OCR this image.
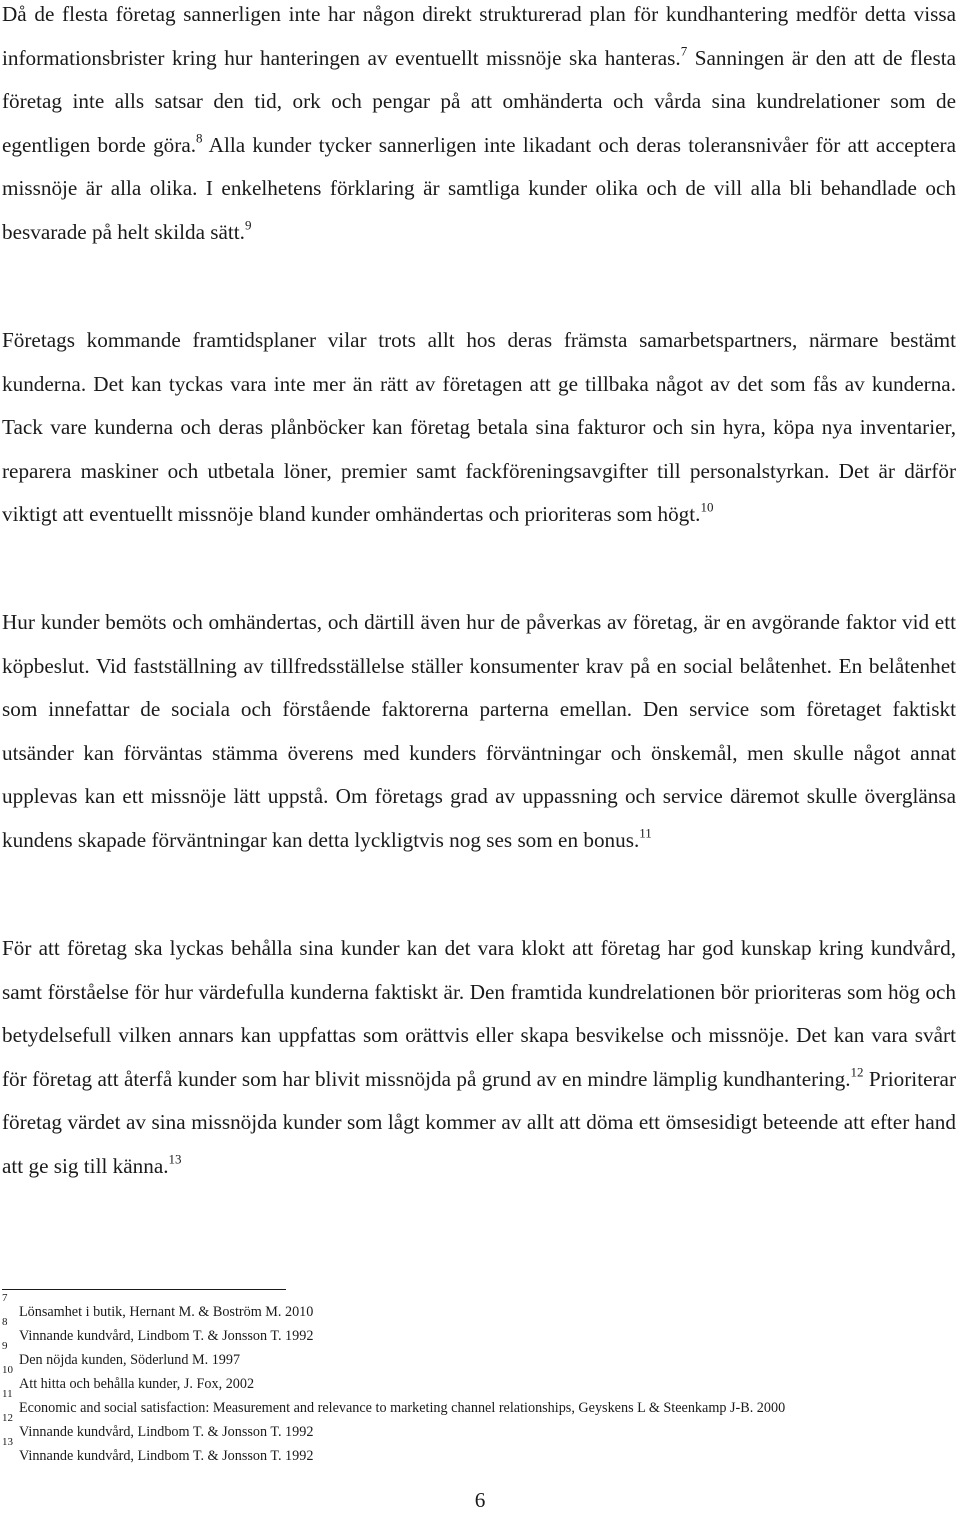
Då de flesta företag sannerligen inte har någon direkt strukturerad plan för kundhantering medför detta vissa informationsbrister kring hur hanteringen av eventuellt missnöje ska hanteras.$^7$ Sanningen är den att de flesta företag inte alls satsar den tid, ork och pengar på att omhänderta och vårda sina kundrelationer som de egentligen borde göra.$^8$ Alla kunder tycker sannerligen inte likadant och deras toleransnivåer för att acceptera missnöje är alla olika. I enkelhetens förklaring är samtliga kunder olika och de vill alla bli behandlade och besvarade på helt skilda sätt.$^9$

Företags kommande framtidsplaner vilar trots allt hos deras främsta samarbetspartners, närmare bestämt kunderna. Det kan tyckas vara inte mer än rätt av företagen att ge tillbaka något av det som fås av kunderna. Tack vare kunderna och deras plånböcker kan företag betala sina fakturor och sin hyra, köpa nya inventarier, reparera maskiner och utbetala löner, premier samt fackföreningsavgifter till personalstyrkan. Det är därför viktigt att eventuellt missnöje bland kunder omhändertas och prioriteras som högt.$^{10}$

Hur kunder bemöts och omhändertas, och därtill även hur de påverkas av företag, är en avgörande faktor vid ett köpbeslut. Vid fastställning av tillfredsställelse ställer konsumenter krav på en social belåtenhet. En belåtenhet som innefattar de sociala och förstående faktorerna parterna emellan. Den service som företaget faktiskt utsänder kan förväntas stämma överens med kunders förväntningar och önskemål, men skulle något annat upplevas kan ett missnöje lätt uppstå. Om företags grad av uppassning och service däremot skulle överglänsa kundens skapade förväntningar kan detta lyckligtvis nog ses som en bonus.$^{11}$

För att företag ska lyckas behålla sina kunder kan det vara klokt att företag har god kunskap kring kundvård, samt förståelse för hur värdefulla kunderna faktiskt är. Den framtida kundrelationen bör prioriteras som hög och betydelsefull vilken annars kan uppfattas som orättvis eller skapa besvikelse och missnöje. Det kan vara svårt för företag att återfå kunder som har blivit missnöjda på grund av en mindre lämplig kundhantering.$^{12}$ Prioriterar företag värdet av sina missnöjda kunder som lågt kommer av allt att döma ett ömsesidigt beteende att efter hand att ge sig till känna.$^{13}$

7
Lönsamhet i butik, Hernant M. & Boström M. 2010
8
Vinnande kundvård, Lindbom T. & Jonsson T. 1992
9
Den nöjda kunden, Söderlund M. 1997
10
Att hitta och behålla kunder, J. Fox, 2002
11
Economic and social satisfaction: Measurement and relevance to marketing channel relationships, Geyskens L & Steenkamp J-B. 2000
12
Vinnande kundvård, Lindbom T. & Jonsson T. 1992
13
Vinnande kundvård, Lindbom T. & Jonsson T. 1992
6
